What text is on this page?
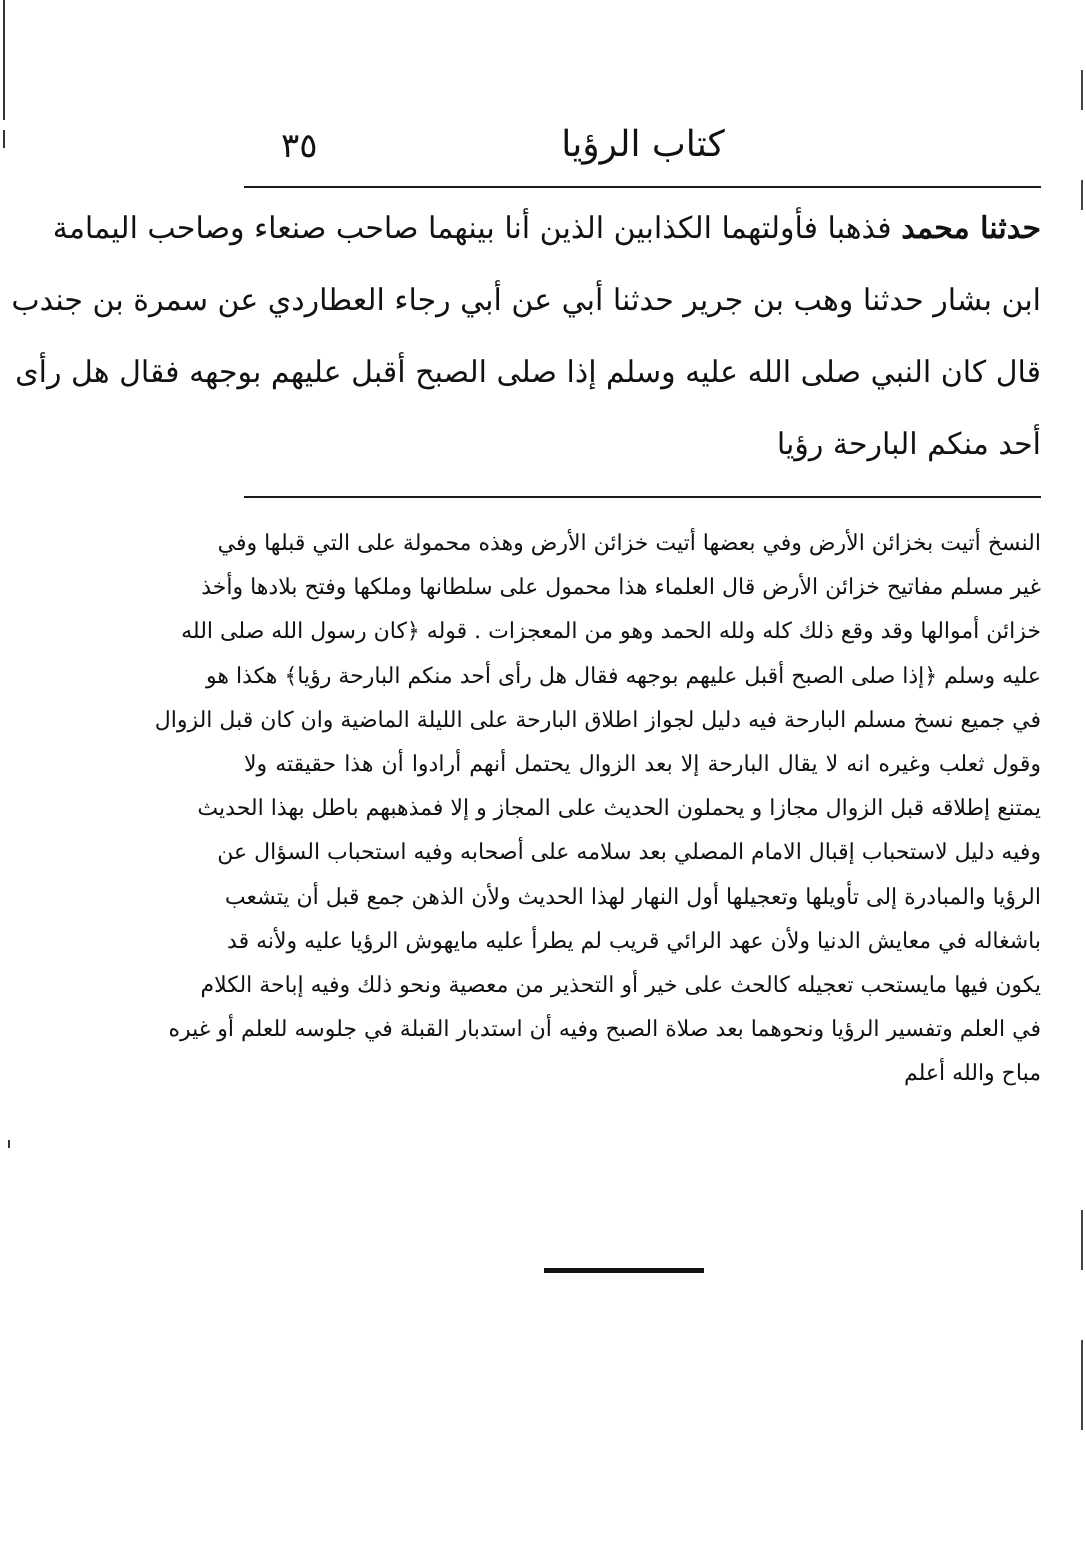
٣٥	كتاب الرؤيا
حدثنا محمد فذهبا فأولتهما الكذابين الذين أنا بينهما صاحب صنعاء وصاحب اليمامة
ابن بشار حدثنا وهب بن جرير حدثنا أبي عن أبي رجاء العطاردي عن سمرة بن جندب
قال كان النبي صلى الله عليه وسلم إذا صلى الصبح أقبل عليهم بوجهه فقال هل رأى
أحد منكم البارحة رؤيا
النسخ أتيت بخزائن الأرض وفي بعضها أتيت خزائن الأرض وهذه محمولة على التي قبلها وفي
غير مسلم مفاتيح خزائن الأرض قال العلماء هذا محمول على سلطانها وملكها وفتح بلادها وأخذ
خزائن أموالها وقد وقع ذلك كله ولله الحمد وهو من المعجزات . قوله ﴿كان رسول الله صلى الله
عليه وسلم ﴿إذا صلى الصبح أقبل عليهم بوجهه فقال هل رأى أحد منكم البارحة رؤيا﴾ هكذا هو
في جميع نسخ مسلم البارحة فيه دليل لجواز اطلاق البارحة على الليلة الماضية وان كان قبل الزوال
وقول ثعلب وغيره انه لا يقال البارحة إلا بعد الزوال يحتمل أنهم أرادوا أن هذا حقيقته ولا
يمتنع إطلاقه قبل الزوال مجازا و يحملون الحديث على المجاز و إلا فمذهبهم باطل بهذا الحديث
وفيه دليل لاستحباب إقبال الامام المصلي بعد سلامه على أصحابه وفيه استحباب السؤال عن
الرؤيا والمبادرة إلى تأويلها وتعجيلها أول النهار لهذا الحديث ولأن الذهن جمع قبل أن يتشعب
باشغاله في معايش الدنيا ولأن عهد الرائي قريب لم يطرأ عليه مايهوش الرؤيا عليه ولأنه قد
يكون فيها مايستحب تعجيله كالحث على خير أو التحذير من معصية ونحو ذلك وفيه إباحة الكلام
في العلم وتفسير الرؤيا ونحوهما بعد صلاة الصبح وفيه أن استدبار القبلة في جلوسه للعلم أو غيره
مباح والله أعلم
